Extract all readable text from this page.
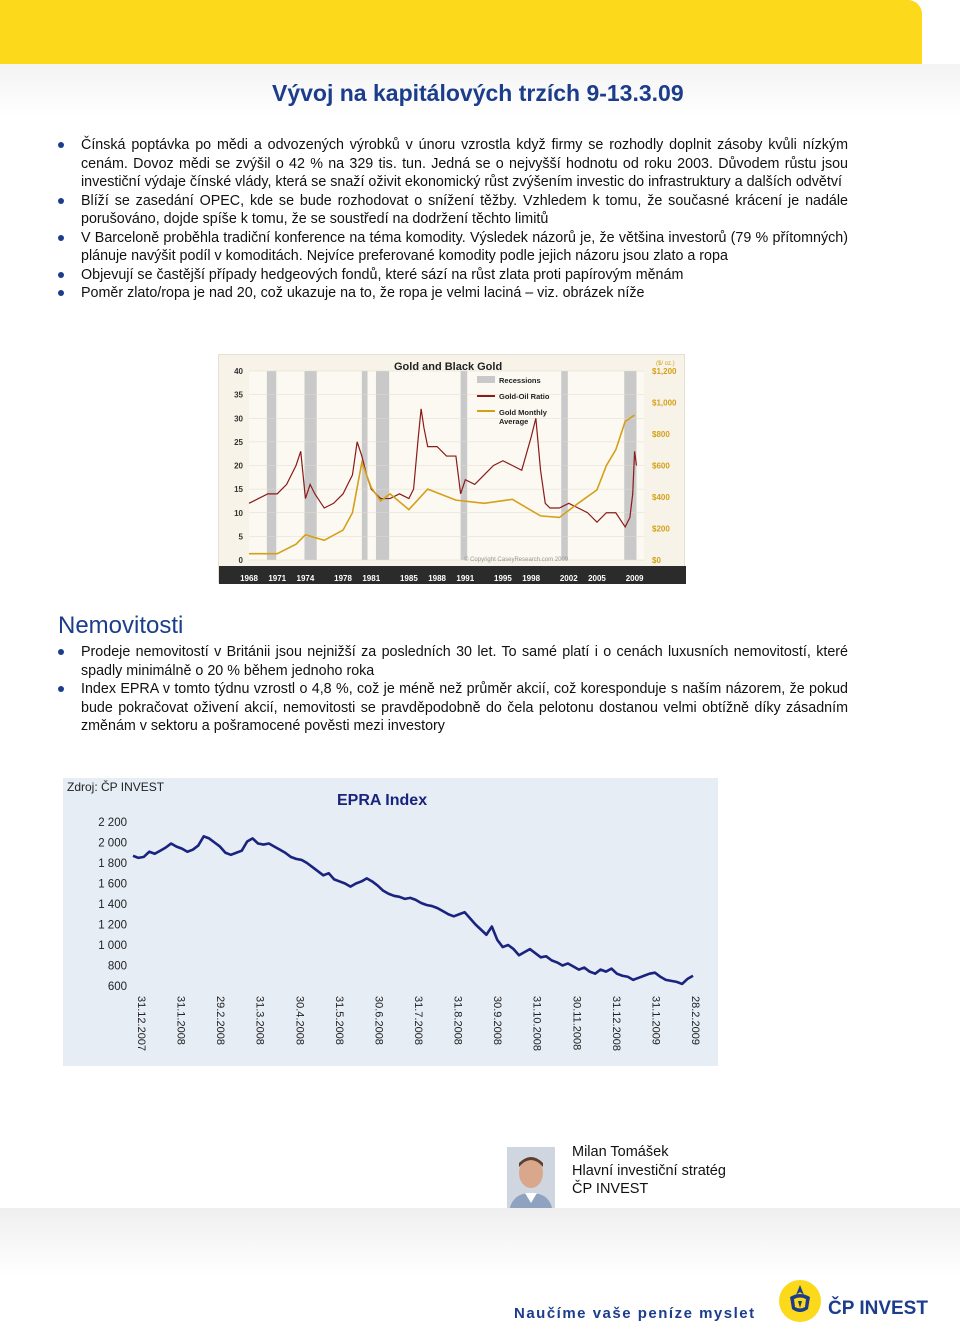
Vývoj na kapitálových trzích 9-13.3.09
Čínská poptávka po mědi a odvozených výrobků v únoru vzrostla když firmy se rozhodly doplnit zásoby kvůli nízkým cenám. Dovoz mědi se zvýšil o 42 % na 329 tis. tun. Jedná se o nejvyšší hodnotu od roku 2003. Důvodem růstu jsou investiční výdaje čínské vlády, která se snaží oživit ekonomický růst zvýšením investic do infrastruktury a dalších odvětví
Blíží se zasedání OPEC, kde se bude rozhodovat o snížení těžby. Vzhledem k tomu, že současné krácení je nadále porušováno, dojde spíše k tomu, že se soustředí na dodržení těchto limitů
V Barceloně proběhla tradiční konference na téma komodity. Výsledek názorů je, že většina investorů (79 % přítomných) plánuje navýšit podíl v komoditách. Nejvíce preferované komodity podle jejich názoru jsou zlato a ropa
Objevují se častější případy hedgeových fondů, které sází na růst zlata proti papírovým měnám
Poměr zlato/ropa je nad 20, což ukazuje na to, že ropa je velmi laciná – viz. obrázek níže
40
35
30
25
20
15
10
5
0
$1,200
$1,000
$800
$600
$400
$200
$0
($/ oz.)
1968 1971 1974 1978 1981 1985 1988 1991 1995 1998 2002 2005 2009
Gold and Black Gold
Recessions
Gold-Oil Ratio
Gold Monthly Average
© Copyright CaseyResearch.com 2009
Nemovitosti
Prodeje nemovitostí v Británii jsou nejnižší za posledních 30 let. To samé platí i o cenách luxusních nemovitostí, které spadly minimálně o 20 % během jednoho roka
Index EPRA v tomto týdnu vzrostl o 4,8 %, což je méně než průměr akcií, což koresponduje s naším názorem, že pokud bude pokračovat oživení akcií, nemovitosti se pravděpodobně do čela pelotonu dostanou velmi obtížně díky zásadním změnám v sektoru a pošramocené pověsti mezi investory
Zdroj: ČP INVEST
EPRA Index
2 200
2 000
1 800
1 600
1 400
1 200
1 000
800
600
31.12.2007	31.1.2008	29.2.2008	31.3.2008	30.4.2008	31.5.2008	30.6.2008	31.7.2008	31.8.2008	30.9.2008	31.10.2008	30.11.2008	31.12.2008	31.1.2009	28.2.2009
Milan Tomášek
Hlavní investiční stratég
ČP INVEST
Naučíme vaše peníze myslet	ČP INVEST
